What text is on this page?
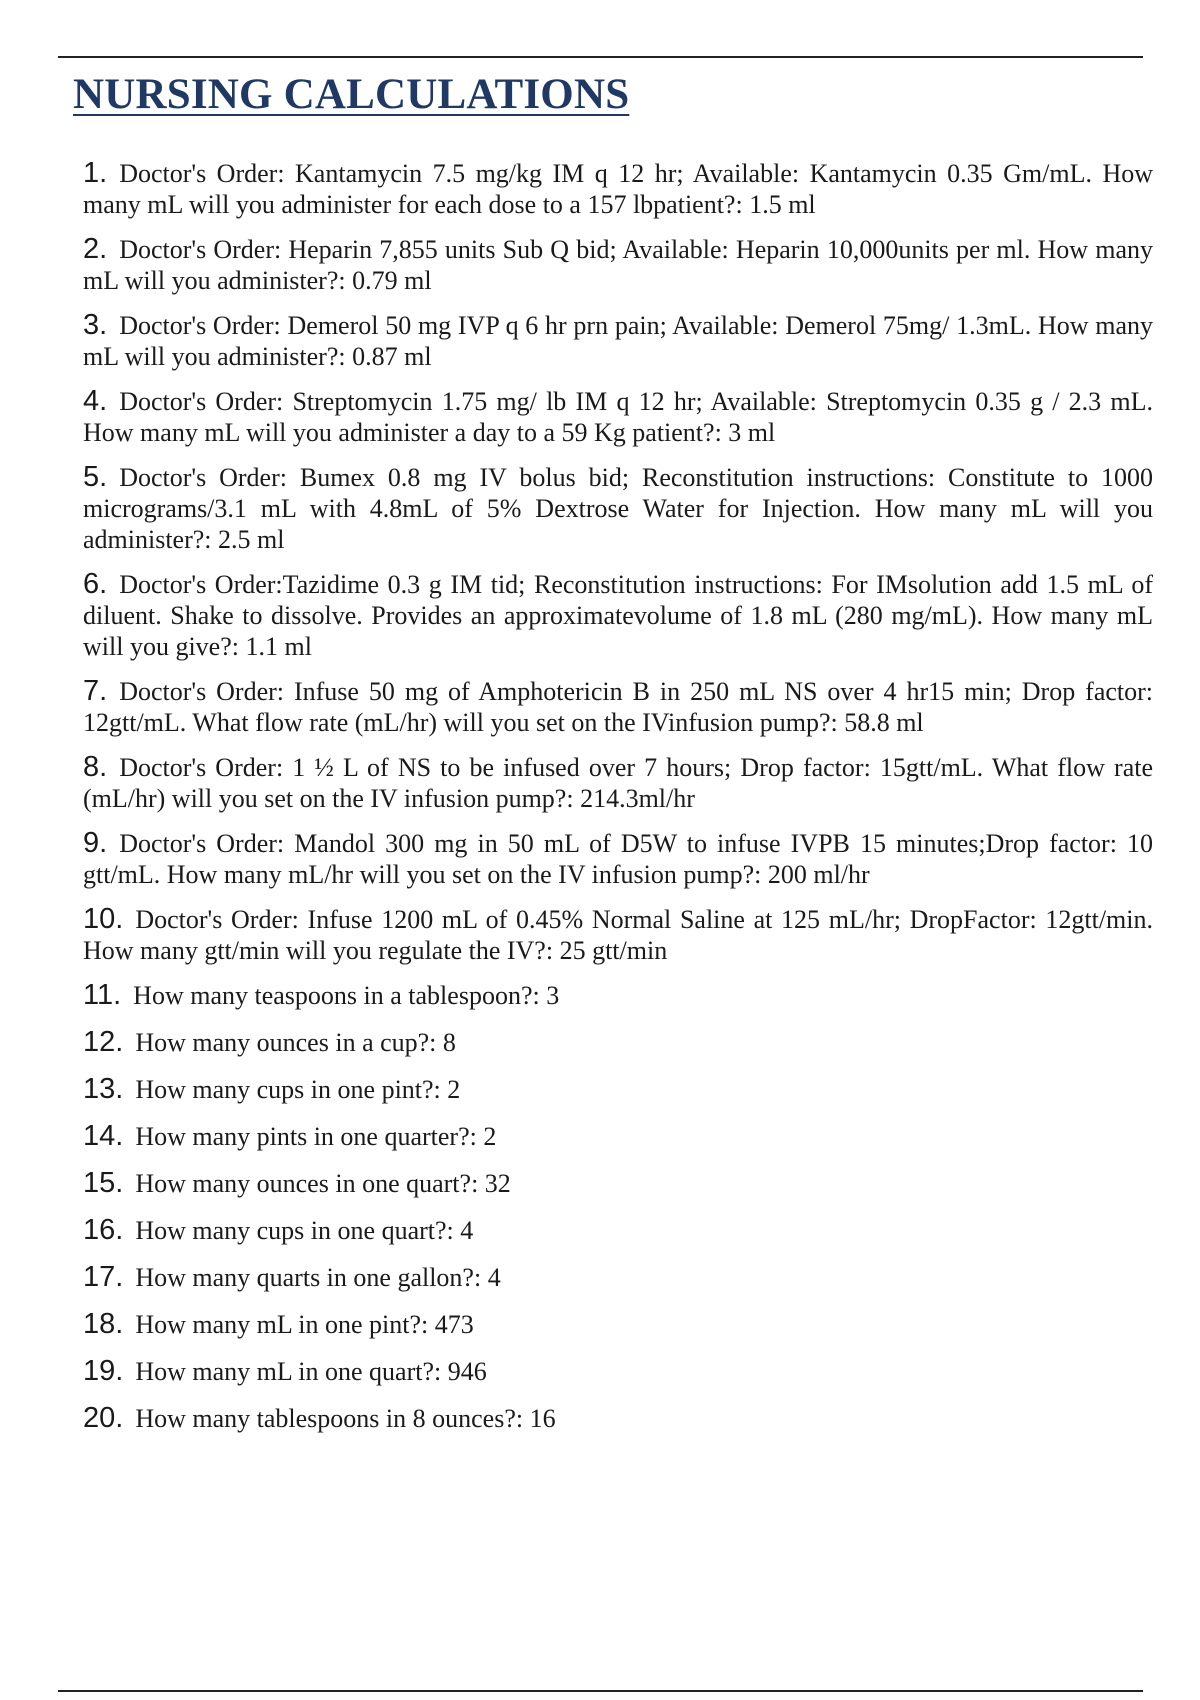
NURSING CALCULATIONS
1. Doctor's Order: Kantamycin 7.5 mg/kg IM q 12 hr; Available: Kantamycin 0.35 Gm/mL. How many mL will you administer for each dose to a 157 lbpatient?: 1.5 ml
2. Doctor's Order: Heparin 7,855 units Sub Q bid; Available: Heparin 10,000units per ml. How many mL will you administer?: 0.79 ml
3. Doctor's Order: Demerol 50 mg IVP q 6 hr prn pain; Available: Demerol 75mg/ 1.3mL. How many mL will you administer?: 0.87 ml
4. Doctor's Order: Streptomycin 1.75 mg/ lb IM q 12 hr; Available: Streptomycin 0.35 g / 2.3 mL. How many mL will you administer a day to a 59 Kg patient?: 3 ml
5. Doctor's Order: Bumex 0.8 mg IV bolus bid; Reconstitution instructions: Constitute to 1000 micrograms/3.1 mL with 4.8mL of 5% Dextrose Water for Injection. How many mL will you administer?: 2.5 ml
6. Doctor's Order:Tazidime 0.3 g IM tid; Reconstitution instructions: For IMsolution add 1.5 mL of diluent. Shake to dissolve. Provides an approximatevolume of 1.8 mL (280 mg/mL). How many mL will you give?: 1.1 ml
7. Doctor's Order: Infuse 50 mg of Amphotericin B in 250 mL NS over 4 hr15 min; Drop factor: 12gtt/mL. What flow rate (mL/hr) will you set on the IVinfusion pump?: 58.8 ml
8. Doctor's Order: 1 ½ L of NS to be infused over 7 hours; Drop factor: 15gtt/mL. What flow rate (mL/hr) will you set on the IV infusion pump?: 214.3ml/hr
9. Doctor's Order: Mandol 300 mg in 50 mL of D5W to infuse IVPB 15 minutes;Drop factor: 10 gtt/mL. How many mL/hr will you set on the IV infusion pump?: 200 ml/hr
10. Doctor's Order: Infuse 1200 mL of 0.45% Normal Saline at 125 mL/hr; DropFactor: 12gtt/min. How many gtt/min will you regulate the IV?: 25 gtt/min
11. How many teaspoons in a tablespoon?: 3
12. How many ounces in a cup?: 8
13. How many cups in one pint?: 2
14. How many pints in one quarter?: 2
15. How many ounces in one quart?: 32
16. How many cups in one quart?: 4
17. How many quarts in one gallon?: 4
18. How many mL in one pint?: 473
19. How many mL in one quart?: 946
20. How many tablespoons in 8 ounces?: 16
